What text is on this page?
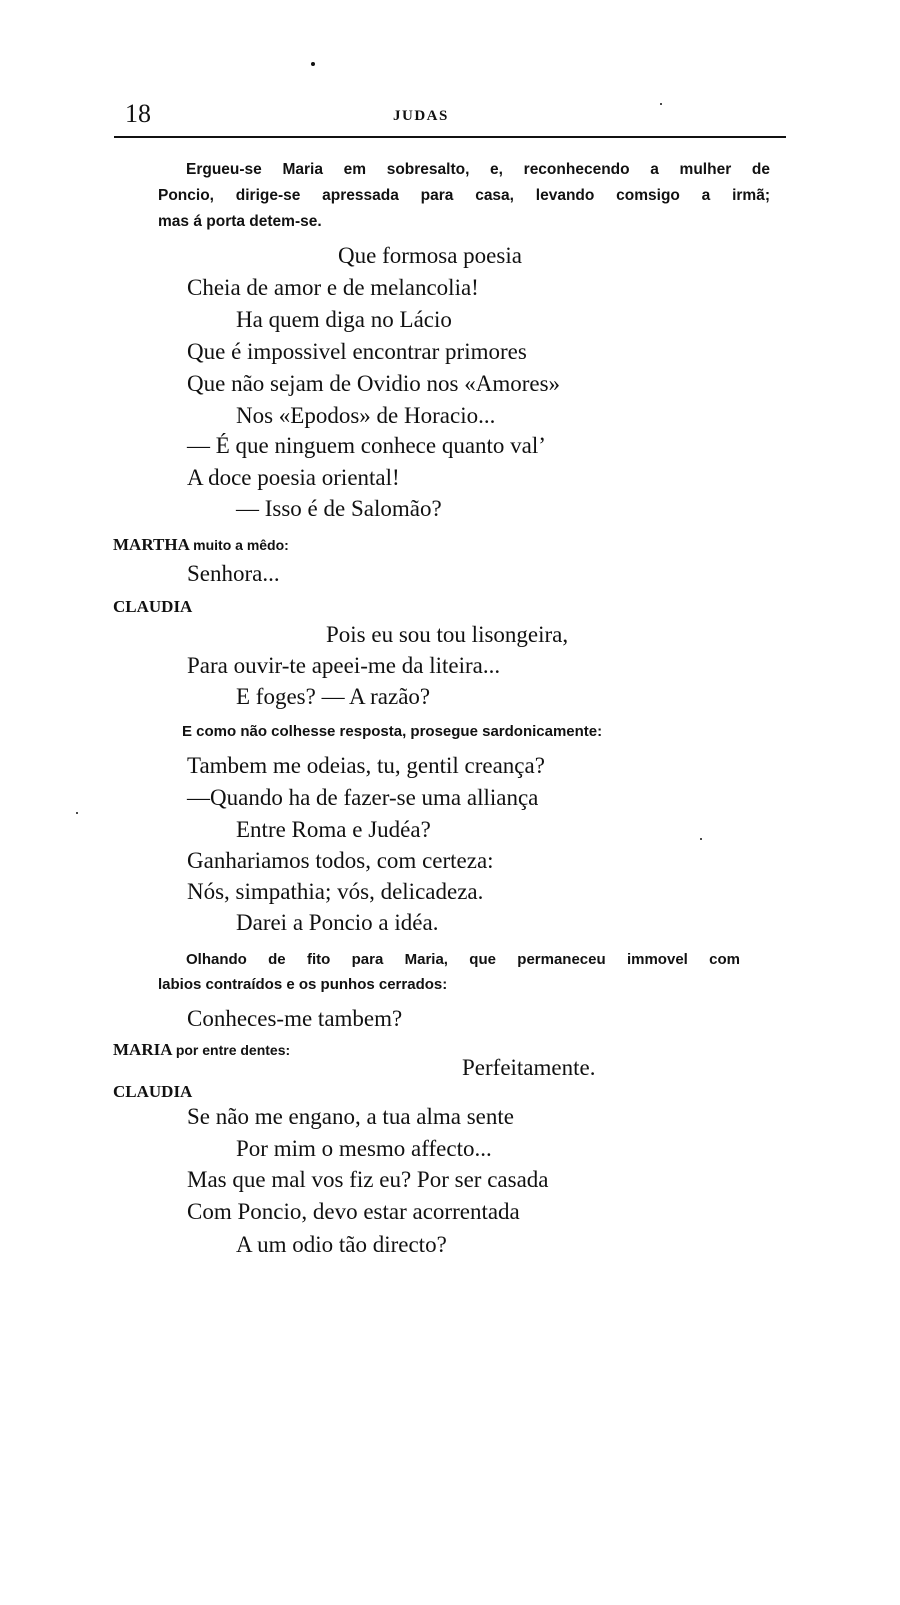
18	JUDAS
Ergueu-se Maria em sobresalto, e, reconhecendo a mulher de
Poncio, dirige-se apressada para casa, levando comsigo a irmã;
mas á porta detem-se.
Que formosa poesia
Cheia de amor e de melancolia!
Ha quem diga no Lácio
Que é impossivel encontrar primores
Que não sejam de Ovidio nos «Amores»
Nos «Epodos» de Horacio...
— É que ninguem conhece quanto val’
A doce poesia oriental!
— Isso é de Salomão?
MARTHA muito a mêdo:
Senhora...
CLAUDIA
Pois eu sou tou lisongeira,
Para ouvir-te apeei-me da liteira...
E foges? — A razão?
E como não colhesse resposta, prosegue sardonicamente:
Tambem me odeias, tu, gentil creança?
—Quando ha de fazer-se uma alliança
Entre Roma e Judéa?
Ganhariamos todos, com certeza:
Nós, simpathia; vós, delicadeza.
Darei a Poncio a idéa.
Olhando de fito para Maria, que permaneceu immovel com
labios contraídos e os punhos cerrados:
Conheces-me tambem?
MARIA por entre dentes:
Perfeitamente.
CLAUDIA
Se não me engano, a tua alma sente
Por mim o mesmo affecto...
Mas que mal vos fiz eu? Por ser casada
Com Poncio, devo estar acorrentada
A um odio tão directo?
